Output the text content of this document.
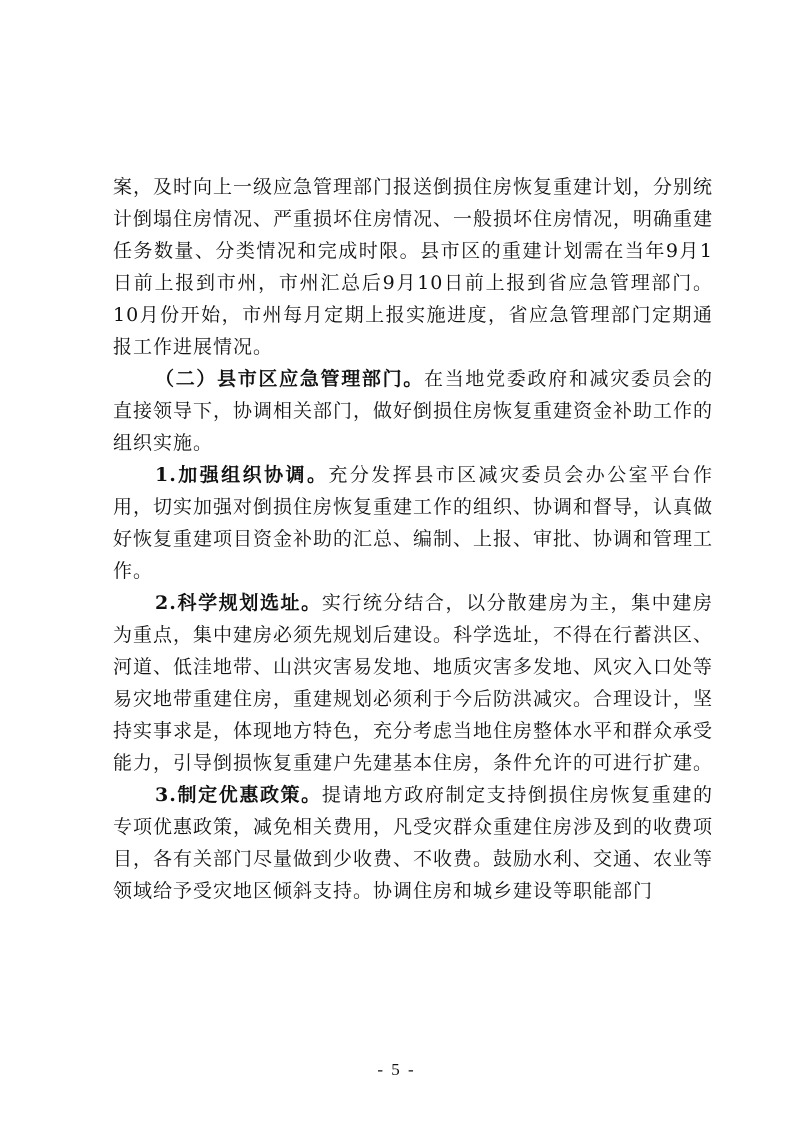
案，及时向上一级应急管理部门报送倒损住房恢复重建计划，分别统计倒塌住房情况、严重损坏住房情况、一般损坏住房情况，明确重建任务数量、分类情况和完成时限。县市区的重建计划需在当年9月1日前上报到市州，市州汇总后9月10日前上报到省应急管理部门。10月份开始，市州每月定期上报实施进度，省应急管理部门定期通报工作进展情况。

（二）县市区应急管理部门。在当地党委政府和减灾委员会的直接领导下，协调相关部门，做好倒损住房恢复重建资金补助工作的组织实施。

1.加强组织协调。充分发挥县市区减灾委员会办公室平台作用，切实加强对倒损住房恢复重建工作的组织、协调和督导，认真做好恢复重建项目资金补助的汇总、编制、上报、审批、协调和管理工作。

2.科学规划选址。实行统分结合，以分散建房为主，集中建房为重点，集中建房必须先规划后建设。科学选址，不得在行蓄洪区、河道、低洼地带、山洪灾害易发地、地质灾害多发地、风灾入口处等易灾地带重建住房，重建规划必须利于今后防洪减灾。合理设计，坚持实事求是，体现地方特色，充分考虑当地住房整体水平和群众承受能力，引导倒损恢复重建户先建基本住房，条件允许的可进行扩建。

3.制定优惠政策。提请地方政府制定支持倒损住房恢复重建的专项优惠政策，减免相关费用，凡受灾群众重建住房涉及到的收费项目，各有关部门尽量做到少收费、不收费。鼓励水利、交通、农业等领域给予受灾地区倾斜支持。协调住房和城乡建设等职能部门

- 5 -
